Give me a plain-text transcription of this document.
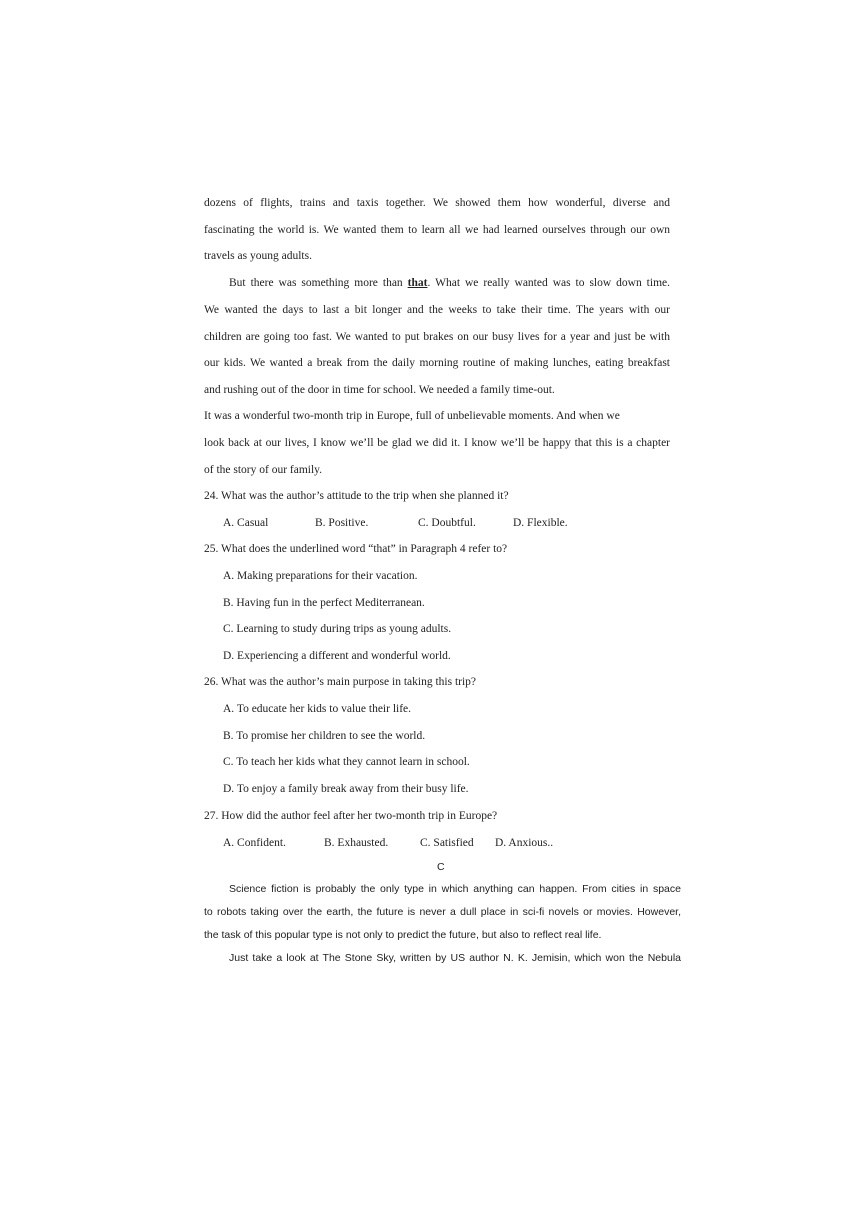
dozens of flights, trains and taxis together. We showed them how wonderful, diverse and
fascinating the world is. We wanted them to learn all we had learned ourselves through our own
travels as young adults.
But there was something more than that. What we really wanted was to slow down time.
We wanted the days to last a bit longer and the weeks to take their time. The years with our
children are going too fast. We wanted to put brakes on our busy lives for a year and just be with
our kids. We wanted a break from the daily morning routine of making lunches, eating breakfast
and rushing out of the door in time for school. We needed a family time-out.
It was a wonderful two-month trip in Europe, full of unbelievable moments. And when we
look back at our lives, I know we’ll be glad we did it. I know we’ll be happy that this is a chapter
of the story of our family.
24. What was the author’s attitude to the trip when she planned it?
A. Casual	B. Positive.	C. Doubtful.	D. Flexible.
25. What does the underlined word “that” in Paragraph 4 refer to?
A. Making preparations for their vacation.
B. Having fun in the perfect Mediterranean.
C. Learning to study during trips as young adults.
D. Experiencing a different and wonderful world.
26. What was the author’s main purpose in taking this trip?
A. To educate her kids to value their life.
B. To promise her children to see the world.
C. To teach her kids what they cannot learn in school.
D. To enjoy a family break away from their busy life.
27. How did the author feel after her two-month trip in Europe?
A. Confident.	B. Exhausted.	C. Satisfied D. Anxious..
C
Science fiction is probably the only type in which anything can happen. From cities in space
to robots taking over the earth, the future is never a dull place in sci-fi novels or movies. However,
the task of this popular type is not only to predict the future, but also to reflect real life.
Just take a look at The Stone Sky, written by US author N. K. Jemisin, which won the Nebula
